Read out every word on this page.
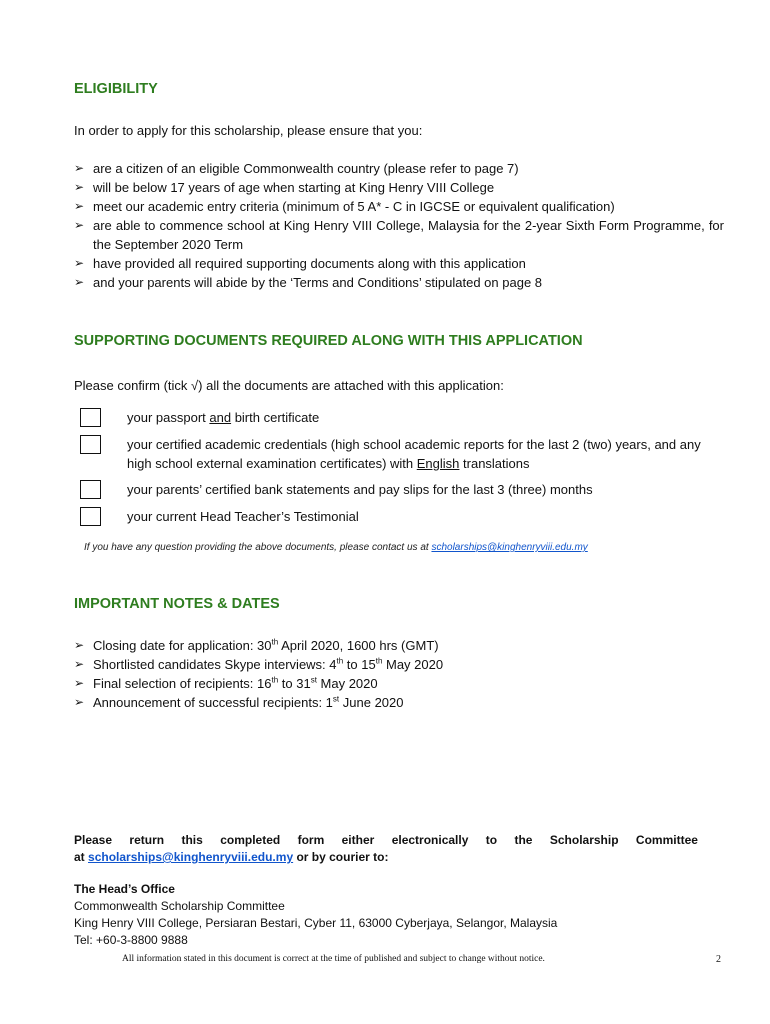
ELIGIBILITY

In order to apply for this scholarship, please ensure that you:

➢ are a citizen of an eligible Commonwealth country (please refer to page 7)
➢ will be below 17 years of age when starting at King Henry VIII College
➢ meet our academic entry criteria (minimum of 5 A* - C in IGCSE or equivalent qualification)
➢ are able to commence school at King Henry VIII College, Malaysia for the 2-year Sixth Form Programme, for the September 2020 Term
➢ have provided all required supporting documents along with this application
➢ and your parents will abide by the ‘Terms and Conditions’ stipulated on page 8
SUPPORTING DOCUMENTS REQUIRED ALONG WITH THIS APPLICATION

Please confirm (tick √) all the documents are attached with this application:

your passport and birth certificate
your certified academic credentials (high school academic reports for the last 2 (two) years, and any high school external examination certificates) with English translations
your parents’ certified bank statements and pay slips for the last 3 (three) months
your current Head Teacher’s Testimonial
If you have any question providing the above documents, please contact us at scholarships@kinghenryviii.edu.my
IMPORTANT NOTES & DATES
➢ Closing date for application: 30th April 2020, 1600 hrs (GMT)
➢ Shortlisted candidates Skype interviews: 4th to 15th May 2020
➢ Final selection of recipients: 16th to 31st May 2020
➢ Announcement of successful recipients: 1st June 2020
Please return this completed form either electronically to the Scholarship Committee
at scholarships@kinghenryviii.edu.my or by courier to:
The Head’s Office
Commonwealth Scholarship Committee
King Henry VIII College, Persiaran Bestari, Cyber 11, 63000 Cyberjaya, Selangor, Malaysia
Tel: +60-3-8800 9888
All information stated in this document is correct at the time of published and subject to change without notice.	2
